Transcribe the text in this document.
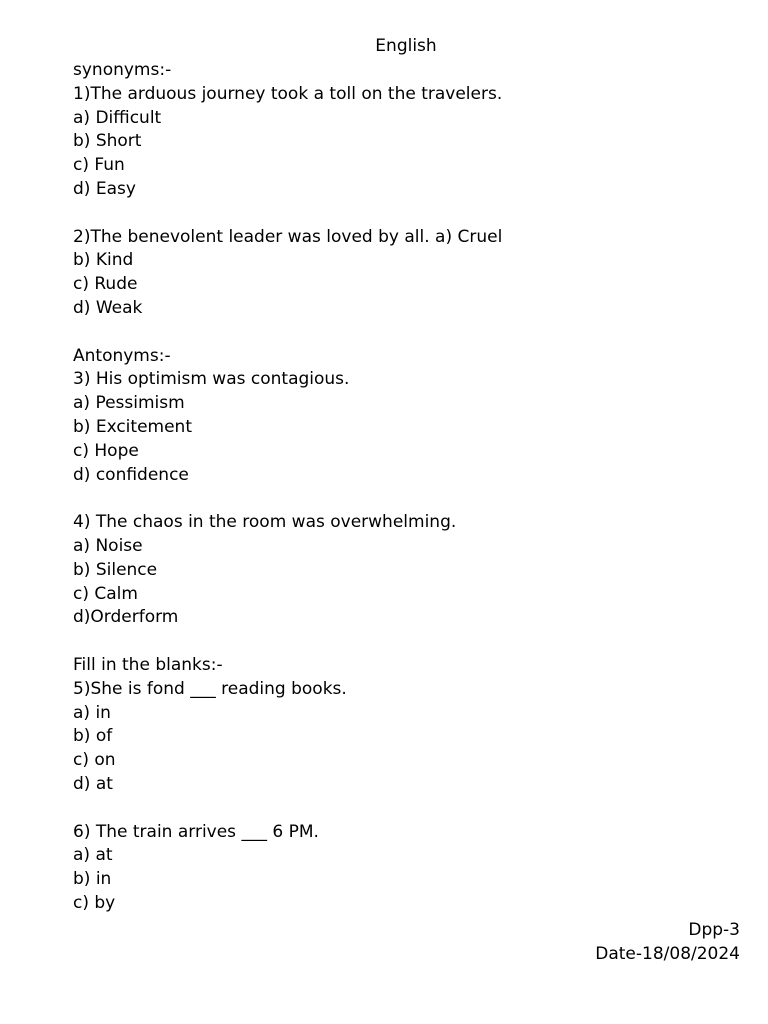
English
synonyms:-
1)The arduous journey took a toll on the travelers.
a) Difficult
b) Short
c) Fun
d) Easy
2)The benevolent leader was loved by all. a) Cruel
b) Kind
c) Rude
d) Weak
Antonyms:-
3) His optimism was contagious.
a) Pessimism
b) Excitement
c) Hope
d) confidence
4) The chaos in the room was overwhelming.
a) Noise
b) Silence
c) Calm
d)Orderform
Fill in the blanks:-
5)She is fond ___ reading books.
a) in
b) of
c) on
d) at
6) The train arrives ___ 6 PM.
a) at
b) in
c) by
Dpp-3
Date-18/08/2024
